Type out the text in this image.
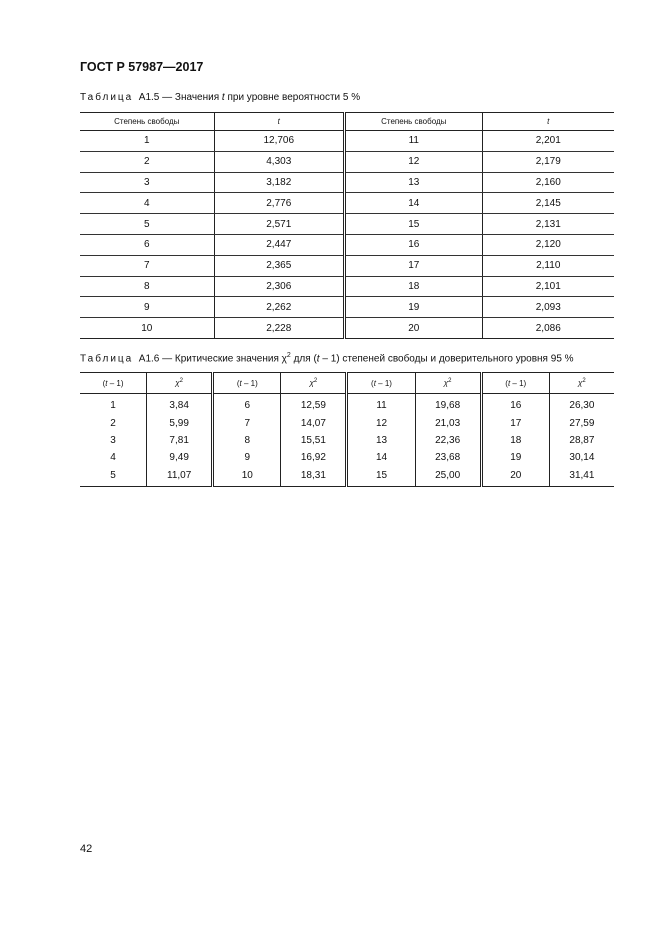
ГОСТ Р 57987—2017
Таблица А1.5 — Значения t при уровне вероятности 5 %
Степень свободы	t	Степень свободы	t
1	12,706	11	2,201
2	4,303	12	2,179
3	3,182	13	2,160
4	2,776	14	2,145
5	2,571	15	2,131
6	2,447	16	2,120
7	2,365	17	2,110
8	2,306	18	2,101
9	2,262	19	2,093
10	2,228	20	2,086
Таблица А1.6 — Критические значения $\chi^2$ для (t – 1) степеней свободы и доверительного уровня 95 %
(t – 1)	$\chi^2$	(t – 1)	$\chi^2$	(t – 1)	$\chi^2$	(t – 1)	$\chi^2$
1	3,84	6	12,59	11	19,68	16	26,30
2	5,99	7	14,07	12	21,03	17	27,59
3	7,81	8	15,51	13	22,36	18	28,87
4	9,49	9	16,92	14	23,68	19	30,14
5	11,07	10	18,31	15	25,00	20	31,41
42
